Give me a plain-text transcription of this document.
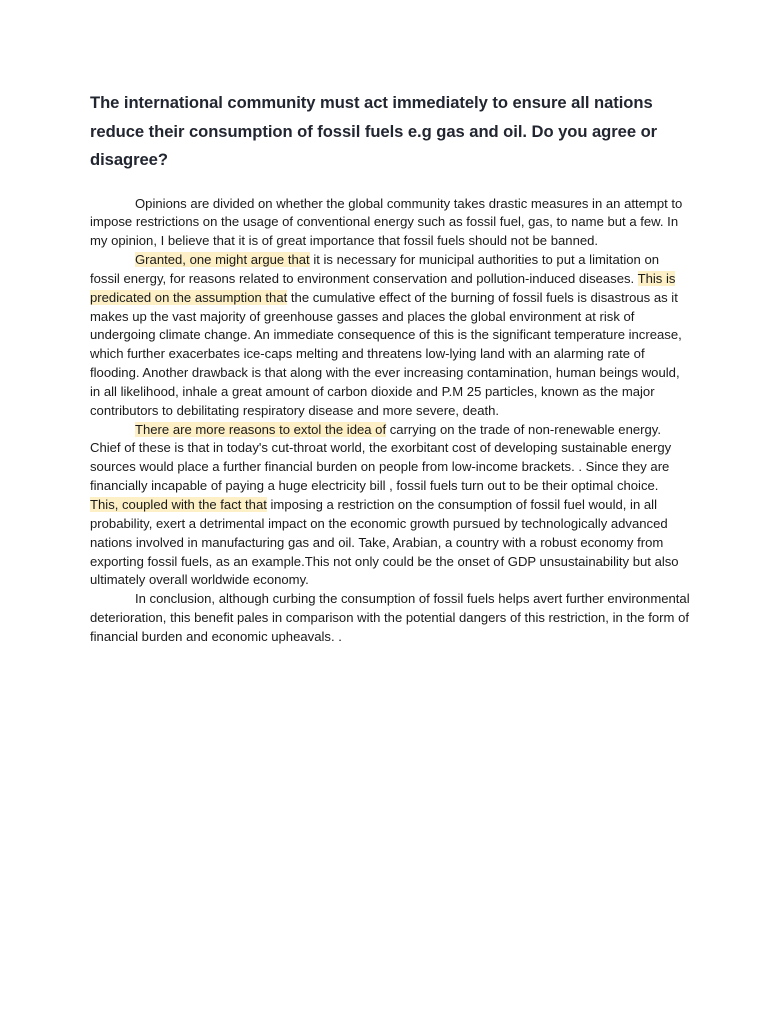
The international community must act immediately to ensure all nations reduce their consumption of fossil fuels e.g gas and oil. Do you agree or disagree?

Opinions are divided on whether the global community takes drastic measures in an attempt to impose restrictions on the usage of conventional energy such as fossil fuel, gas, to name but a few. In my opinion, I believe that it is of great importance that fossil fuels should not be banned.

Granted, one might argue that it is necessary for municipal authorities to put a limitation on fossil energy, for reasons related to environment conservation and pollution-induced diseases. This is predicated on the assumption that the cumulative effect of the burning of fossil fuels is disastrous as it makes up the vast majority of greenhouse gasses and places the global environment at risk of undergoing climate change. An immediate consequence of this is the significant temperature increase, which further exacerbates ice-caps melting and threatens low-lying land with an alarming rate of flooding. Another drawback is that along with the ever increasing contamination, human beings would, in all likelihood, inhale a great amount of carbon dioxide and P.M 25 particles, known as the major contributors to debilitating respiratory disease and more severe, death.

There are more reasons to extol the idea of carrying on the trade of non-renewable energy. Chief of these is that in today's cut-throat world, the exorbitant cost of developing sustainable energy sources would place a further financial burden on people from low-income brackets. . Since they are financially incapable of paying a huge electricity bill , fossil fuels turn out to be their optimal choice. This, coupled with the fact that imposing a restriction on the consumption of fossil fuel would, in all probability, exert a detrimental impact on the economic growth pursued by technologically advanced nations involved in manufacturing gas and oil. Take, Arabian, a country with a robust economy from exporting fossil fuels, as an example.This not only could be the onset of GDP unsustainability but also ultimately overall worldwide economy.

In conclusion, although curbing the consumption of fossil fuels helps avert further environmental deterioration, this benefit pales in comparison with the potential dangers of this restriction, in the form of financial burden and economic upheavals. .
